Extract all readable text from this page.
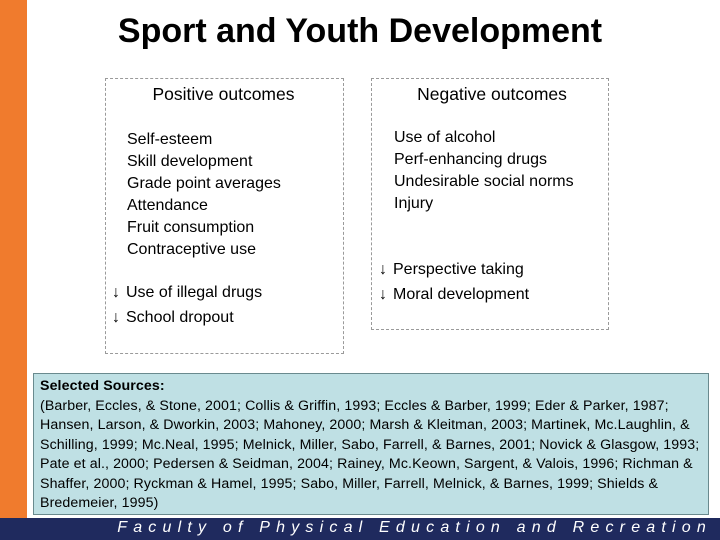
Sport and Youth Development
Positive outcomes
Self-esteem
Skill development
Grade point averages
Attendance
Fruit consumption
Contraceptive use
↓ Use of illegal drugs
↓ School dropout
Negative outcomes
Use of alcohol
Perf-enhancing drugs
Undesirable social norms
Injury
↓ Perspective taking
↓ Moral development
Selected Sources:
(Barber, Eccles, & Stone, 2001; Collis & Griffin, 1993; Eccles & Barber, 1999; Eder & Parker, 1987; Hansen, Larson, & Dworkin, 2003; Mahoney, 2000; Marsh & Kleitman, 2003; Martinek, Mc.Laughlin, & Schilling, 1999; Mc.Neal, 1995; Melnick, Miller, Sabo, Farrell, & Barnes, 2001; Novick & Glasgow, 1993; Pate et al., 2000; Pedersen & Seidman, 2004; Rainey, Mc.Keown, Sargent, & Valois, 1996; Richman & Shaffer, 2000; Ryckman & Hamel, 1995; Sabo, Miller, Farrell, Melnick, & Barnes, 1999; Shields & Bredemeier, 1995)
Faculty of Physical Education and Recreation
